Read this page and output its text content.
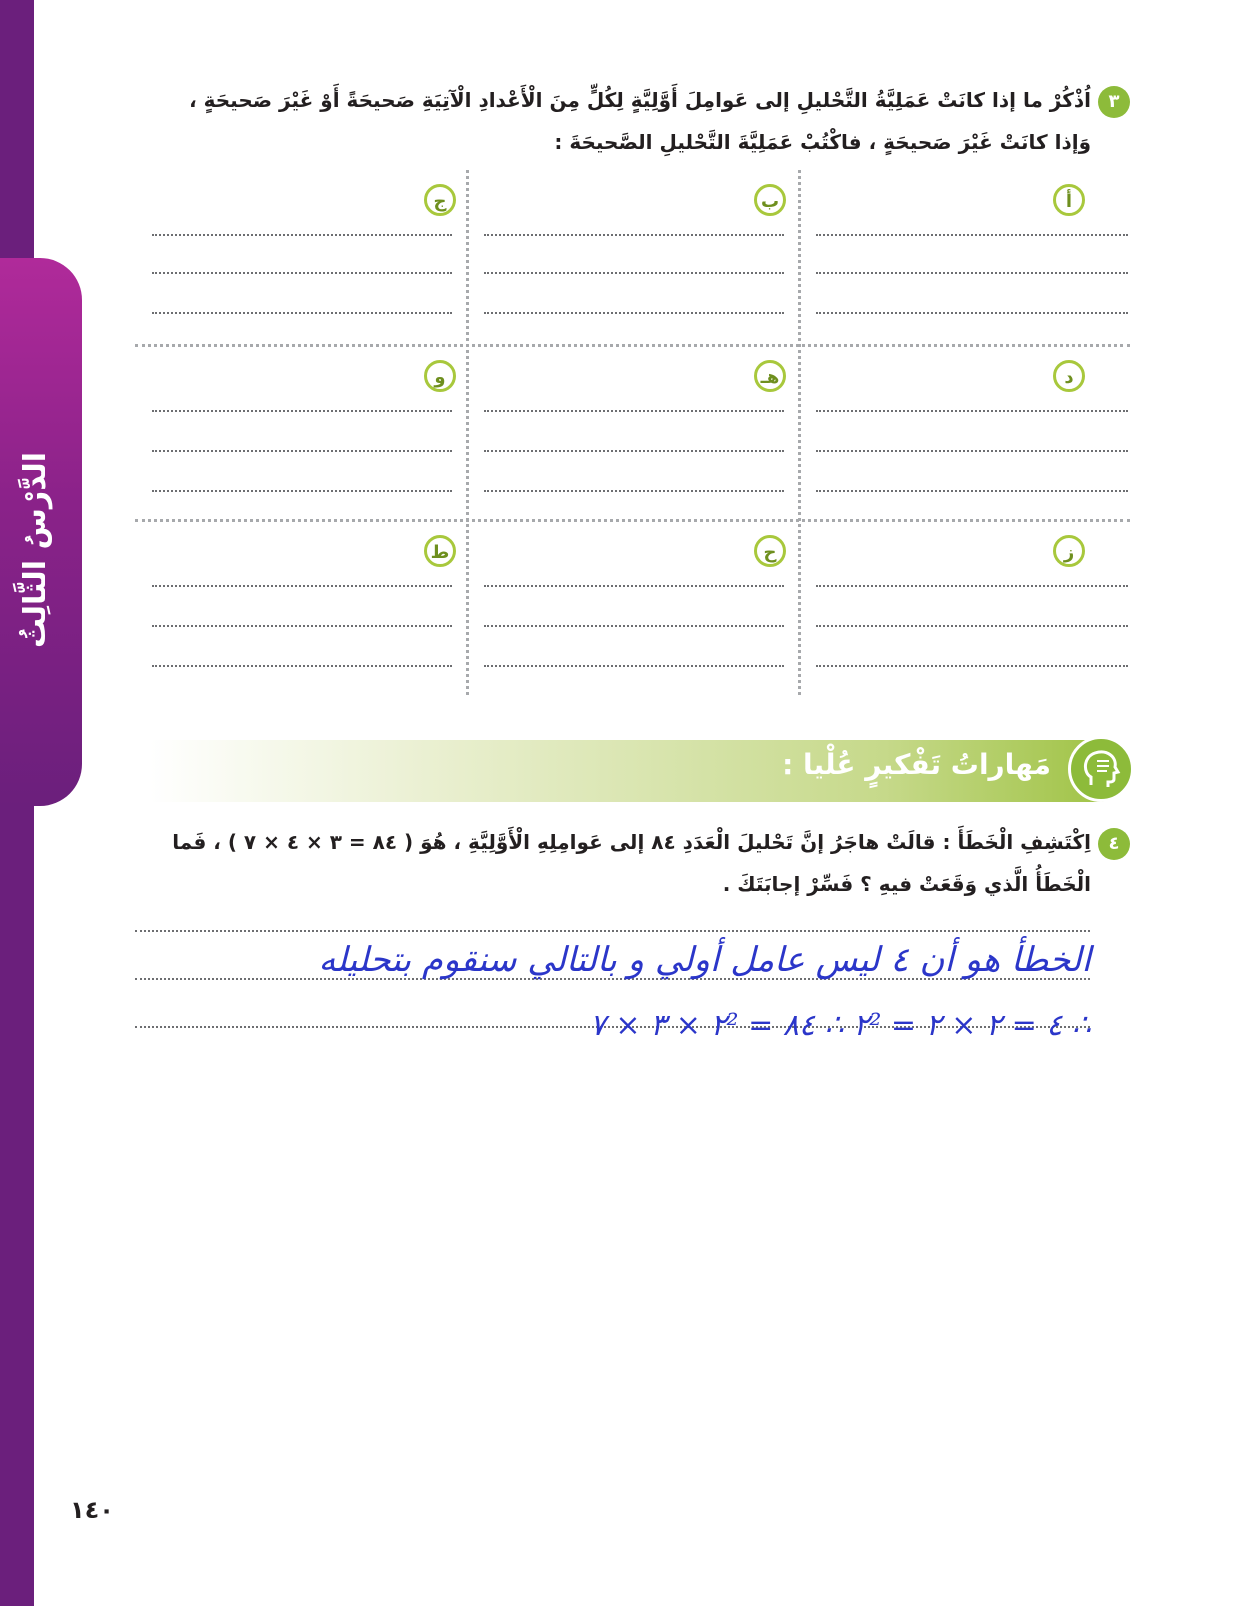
الدَّرْسُ الثَّالِثُ
٣
اُذْكُرْ ما إذا كانَتْ عَمَلِيَّةُ التَّحْليلِ إلى عَوامِلَ أَوَّلِيَّةٍ لِكُلٍّ مِنَ الْأَعْدادِ الْآتِيَةِ صَحيحَةً أَوْ غَيْرَ صَحيحَةٍ ،
وَإذا كانَتْ غَيْرَ صَحيحَةٍ ، فاكْتُبْ عَمَلِيَّةَ التَّحْليلِ الصَّحيحَةَ :
أ
ب
ج
د
هـ
و
ز
ح
ط
مَهاراتُ تَفْكيرٍ عُلْيا :
٤
اِكْتَشِفِ الْخَطَأَ : قالَتْ هاجَرُ إنَّ تَحْليلَ الْعَدَدِ ٨٤ إلى عَوامِلِهِ الْأَوَّلِيَّةِ ، هُوَ ( ٨٤ = ٣ × ٤ × ٧ ) ، فَما
الْخَطَأُ الَّذي وَقَعَتْ فيهِ ؟ فَسِّرْ إجابَتَكَ .
الخطأ هو أن ٤ ليس عامل أولي و بالتالي سنقوم بتحليله
∴ ٤ = ٢ × ٢ = ٢² ∴ ٨٤ = ٢² × ٣ × ٧
١٤٠
